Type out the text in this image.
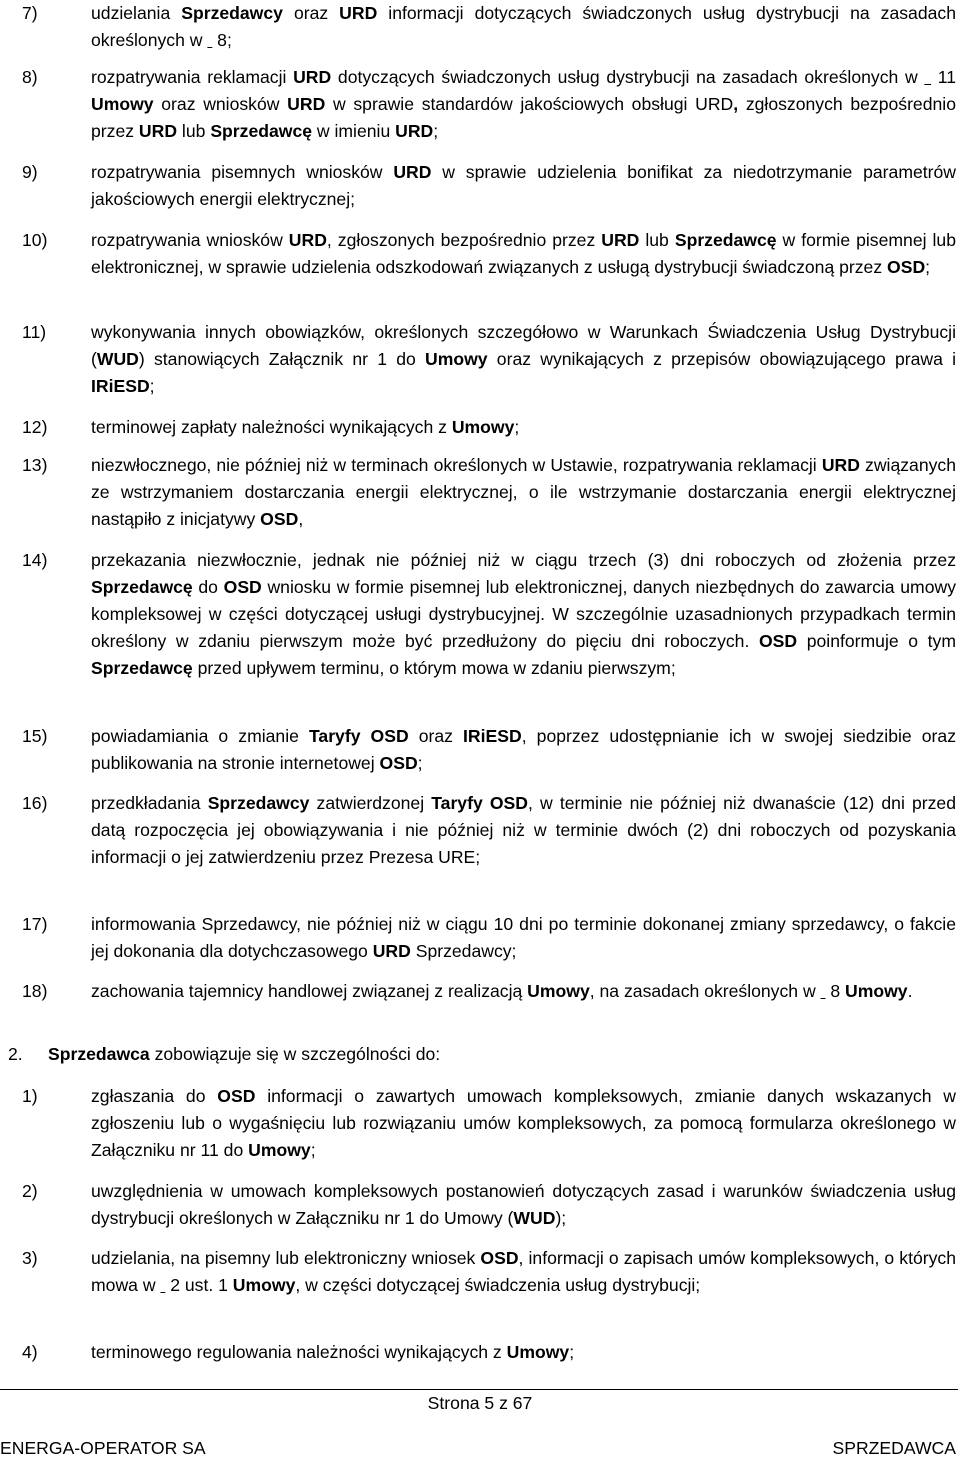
7)	udzielania Sprzedawcy oraz URD informacji dotyczących świadczonych usług dystrybucji na zasadach określonych w   8;
8)	rozpatrywania reklamacji URD dotyczących świadczonych usług dystrybucji na zasadach określonych w   11 Umowy oraz wniosków URD w sprawie standardów jakościowych obsługi URD, zgłoszonych bezpośrednio przez URD lub Sprzedawcę w imieniu URD;
9)	rozpatrywania pisemnych wniosków URD w sprawie udzielenia bonifikat za niedotrzymanie parametrów jakościowych energii elektrycznej;
10) rozpatrywania wniosków URD, zgłoszonych bezpośrednio przez URD lub Sprzedawcę w formie pisemnej lub elektronicznej, w sprawie udzielenia odszkodowań związanych z usługą dystrybucji świadczoną przez OSD;
11)	wykonywania innych obowiązków, określonych szczegółowo w Warunkach Świadczenia Usług Dystrybucji (WUD) stanowiących Załącznik nr 1 do Umowy oraz wynikających z przepisów obowiązującego prawa i IRiESD;
12) terminowej zapłaty należności wynikających z Umowy;
13) niezwłocznego, nie później niż w terminach określonych w Ustawie, rozpatrywania reklamacji URD związanych ze wstrzymaniem dostarczania energii elektrycznej, o ile wstrzymanie dostarczania energii elektrycznej nastąpiło z inicjatywy OSD,
14) przekazania niezwłocznie, jednak nie później niż w ciągu trzech (3) dni roboczych od złożenia przez Sprzedawcę do OSD wniosku w formie pisemnej lub elektronicznej, danych niezbędnych do zawarcia umowy kompleksowej w części dotyczącej usługi dystrybucyjnej. W szczególnie uzasadnionych przypadkach termin określony w zdaniu pierwszym może być przedłużony do pięciu dni roboczych. OSD poinformuje o tym Sprzedawcę przed upływem terminu, o którym mowa w zdaniu pierwszym;
15) powiadamiania o zmianie Taryfy OSD oraz IRiESD, poprzez udostępnianie ich w swojej siedzibie oraz publikowania na stronie internetowej OSD;
16) przedkładania Sprzedawcy zatwierdzonej Taryfy OSD, w terminie nie później niż dwanaście (12) dni przed datą rozpoczęcia jej obowiązywania i nie później niż w terminie dwóch (2) dni roboczych od pozyskania informacji o jej zatwierdzeniu przez Prezesa URE;
17) informowania Sprzedawcy, nie później niż w ciągu 10 dni po terminie dokonanej zmiany sprzedawcy, o fakcie jej dokonania dla dotychczasowego URD Sprzedawcy;
18) zachowania tajemnicy handlowej związanej z realizacją Umowy, na zasadach określonych w   8 Umowy.
2. Sprzedawca zobowiązuje się w szczególności do:
1)	zgłaszania do OSD informacji o zawartych umowach kompleksowych, zmianie danych wskazanych w zgłoszeniu lub o wygaśnięciu lub rozwiązaniu umów kompleksowych, za pomocą formularza określonego w Załączniku nr 11 do Umowy;
2)	uwzględnienia w umowach kompleksowych postanowień dotyczących zasad i warunków świadczenia usług dystrybucji określonych w Załączniku nr 1 do Umowy (WUD);
3)	udzielania, na pisemny lub elektroniczny wniosek OSD, informacji o zapisach umów kompleksowych, o których mowa w   2 ust. 1 Umowy, w części dotyczącej świadczenia usług dystrybucji;
4)	terminowego regulowania należności wynikających z Umowy;
Strona 5 z 67
ENERGA-OPERATOR SA	SPRZEDAWCA
